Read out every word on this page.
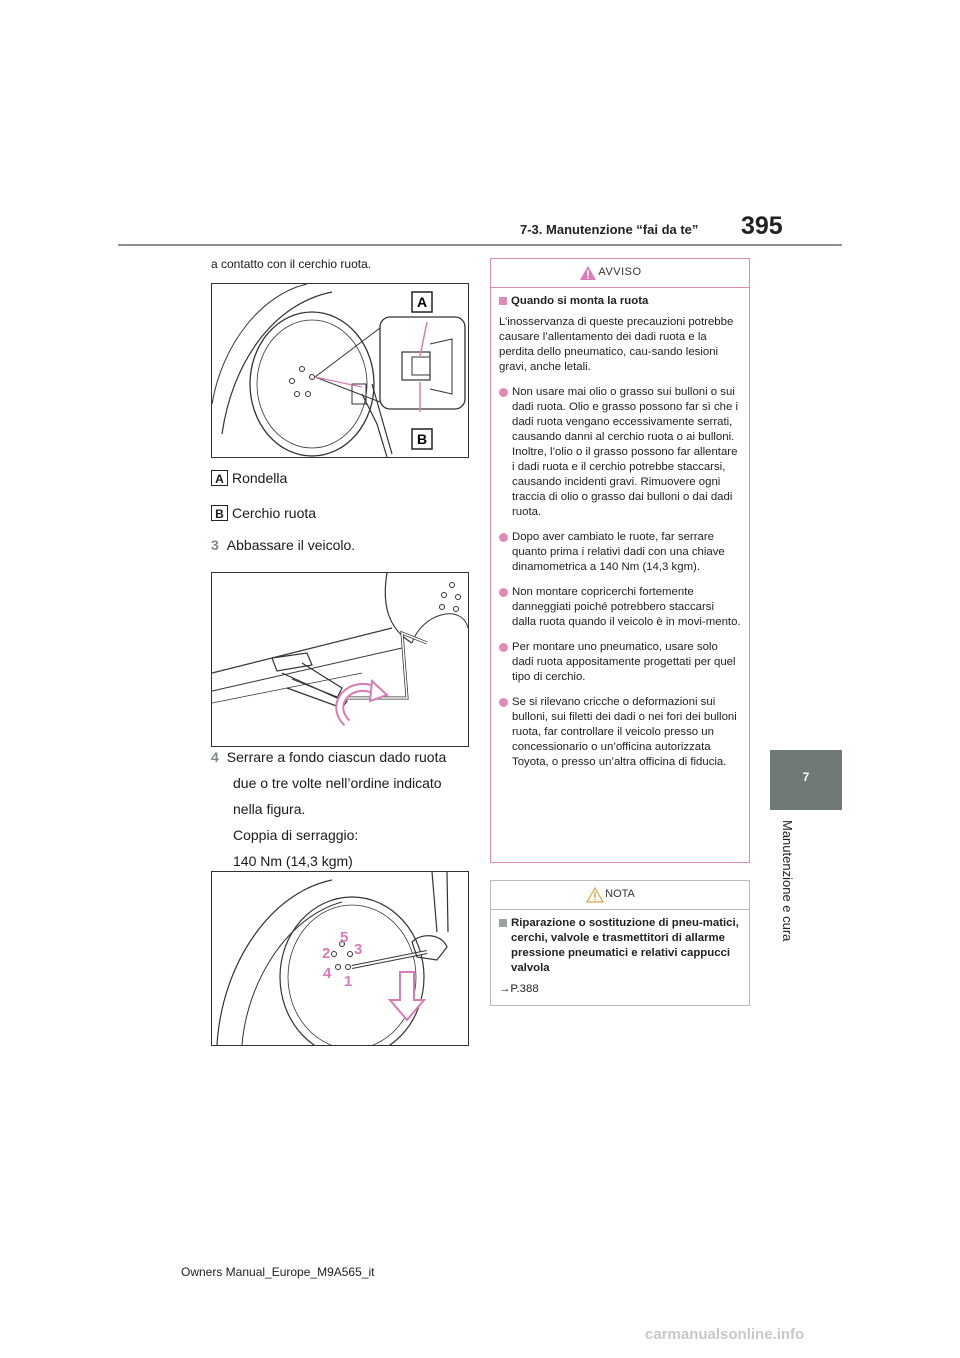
7-3. Manutenzione “fai da te” 395
7
Manutenzione e cura
a contatto con il cerchio ruota.
A
B
A Rondella
B Cerchio ruota
3 Abbassare il veicolo.
4 Serrare a fondo ciascun dado ruota
due o tre volte nell’ordine indicato
nella figura.
Coppia di serraggio:
140 Nm (14,3 kgm)
5
2 3
4 1
AVVISO
Quando si monta la ruota
L’inosservanza di queste precauzioni potrebbe causare l’allentamento dei dadi ruota e la perdita dello pneumatico, cau-sando lesioni gravi, anche letali.
Non usare mai olio o grasso sui bulloni o sui dadi ruota. Olio e grasso possono far sì che i dadi ruota vengano eccessivamente serrati, causando danni al cerchio ruota o ai bulloni. Inoltre, l’olio o il grasso possono far allentare i dadi ruota e il cerchio potrebbe staccarsi, causando incidenti gravi. Rimuovere ogni traccia di olio o grasso dai bulloni o dai dadi ruota.
Dopo aver cambiato le ruote, far serrare quanto prima i relativi dadi con una chiave dinamometrica a 140 Nm (14,3 kgm).
Non montare copricerchi fortemente danneggiati poiché potrebbero staccarsi dalla ruota quando il veicolo è in movi-mento.
Per montare uno pneumatico, usare solo dadi ruota appositamente progettati per quel tipo di cerchio.
Se si rilevano cricche o deformazioni sui bulloni, sui filetti dei dadi o nei fori dei bulloni ruota, far controllare il veicolo presso un concessionario o un’officina autorizzata Toyota, o presso un’altra officina di fiducia.
NOTA
Riparazione o sostituzione di pneu-matici, cerchi, valvole e trasmettitori di allarme pressione pneumatici e relativi cappucci valvola
→P.388
Owners Manual_Europe_M9A565_it
carmanualsonline.info
